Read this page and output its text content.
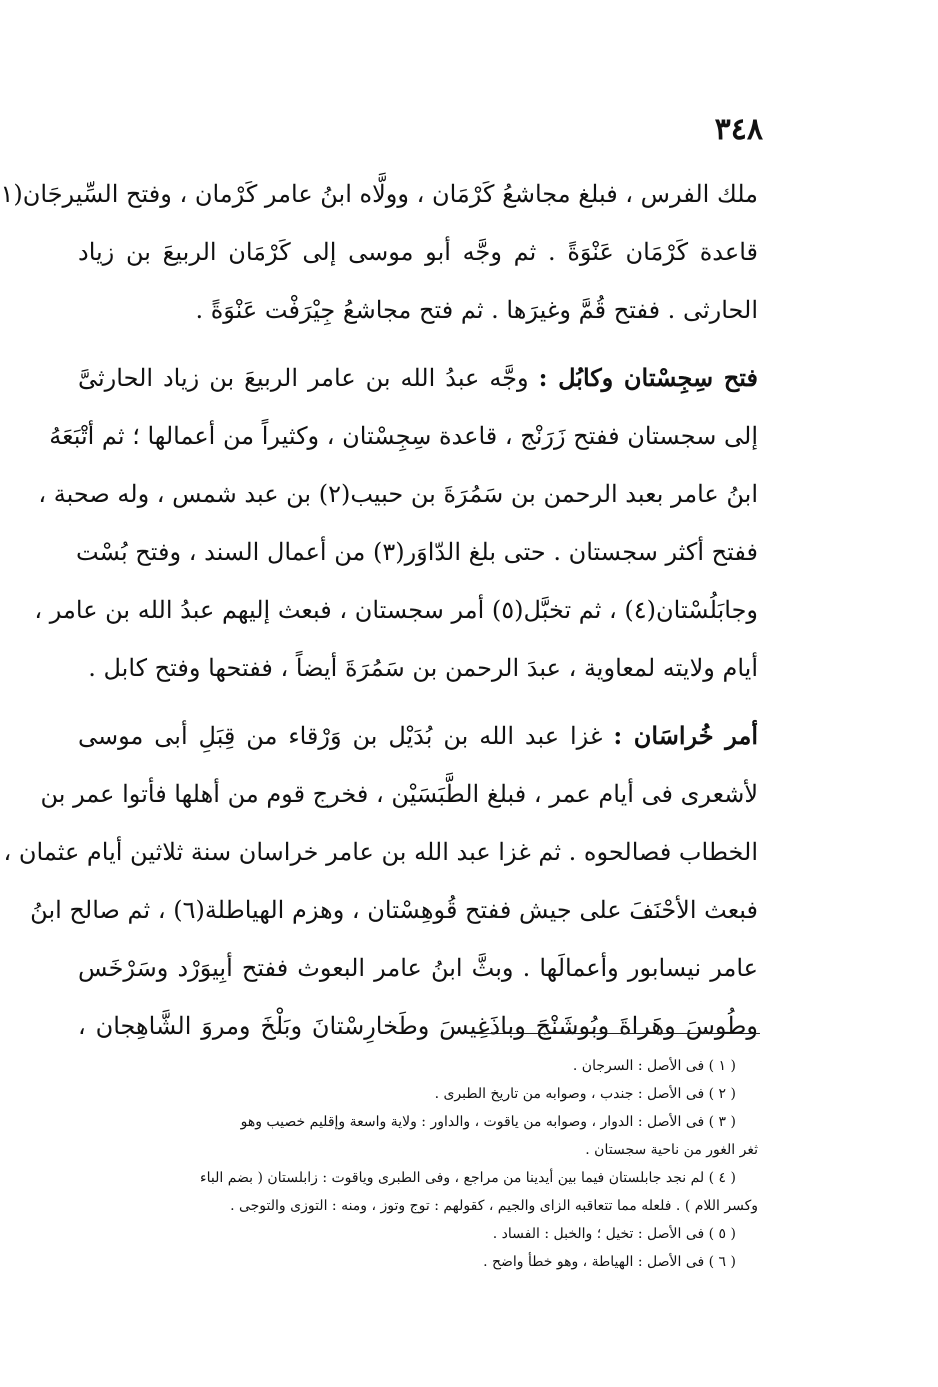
٣٤٨
ملك الفرس ، فبلغ مجاشعُ كَرْمَان ، وولَّاه ابنُ عامر كَرْمان ، وفتح السِّيرجَان(١
قاعدة كَرْمَان عَنْوَةً . ثم وجَّه أبو موسى إلى كَرْمَان الربيعَ بن زياد
الحارثى . ففتح قُمَّ وغيرَها . ثم فتح مجاشعُ جِيْرَفْت عَنْوَةً .
فتح سِجِسْتان وكابُل : وجَّه عبدُ الله بن عامر الربيعَ بن زياد الحارثىَّ
إلى سجستان ففتح زَرَنْج ، قاعدة سِجِسْتان ، وكثيراً من أعمالها ؛ ثم أتْبَعَهُ
ابنُ عامر بعبد الرحمن بن سَمُرَةَ بن حبيب(٢) بن عبد شمس ، وله صحبة ،
ففتح أكثر سجستان . حتى بلغ الدّاوَر(٣) من أعمال السند ، وفتح بُسْت
وجابَلُسْتان(٤) ، ثم تخبَّل(٥) أمر سجستان ، فبعث إليهم عبدُ الله بن عامر ،
أيام ولايته لمعاوية ، عبدَ الرحمن بن سَمُرَةَ أيضاً ، ففتحها وفتح كابل .
أمر خُراسَان : غزا عبد الله بن بُدَيْل بن وَرْقاء من قِبَلِ أبى موسى
لأشعرى فى أيام عمر ، فبلغ الطَّبَسَيْن ، فخرج قوم من أهلها فأتوا عمر بن
الخطاب فصالحوه . ثم غزا عبد الله بن عامر خراسان سنة ثلاثين أيام عثمان ،
فبعث الأحْنَفَ على جيش ففتح قُوهِسْتان ، وهزم الهياطلة(٦) ، ثم صالح ابنُ
عامر نيسابور وأعمالَها . وبثَّ ابنُ عامر البعوث ففتح أبِيوَرْد وسَرْخَس
وطُوسَ وهَراةَ وبُوشَنْجَ وباذَغِيسَ وطَخارِسْتانَ وبَلْخَ ومروَ الشَّاهِجان ،
( ١ ) فى الأصل : السرجان .
( ٢ ) فى الأصل : جندب ، وصوابه من تاريخ الطبرى .
( ٣ ) فى الأصل : الدوار ، وصوابه من ياقوت ، والداور : ولاية واسعة وإقليم خصيب وهو
ثغر الغور من ناحية سجستان .
( ٤ ) لم نجد جابلستان فيما بين أيدينا من مراجع ، وفى الطبرى وياقوت : زابلستان ( بضم الباء
وكسر اللام ) . فلعله مما تتعاقبه الزاى والجيم ، كقولهم : توج وتوز ، ومنه : التوزى والتوجى .
( ٥ ) فى الأصل : تخيل ؛ والخبل : الفساد .
( ٦ ) فى الأصل : الهياطة ، وهو خطأ واضح .
